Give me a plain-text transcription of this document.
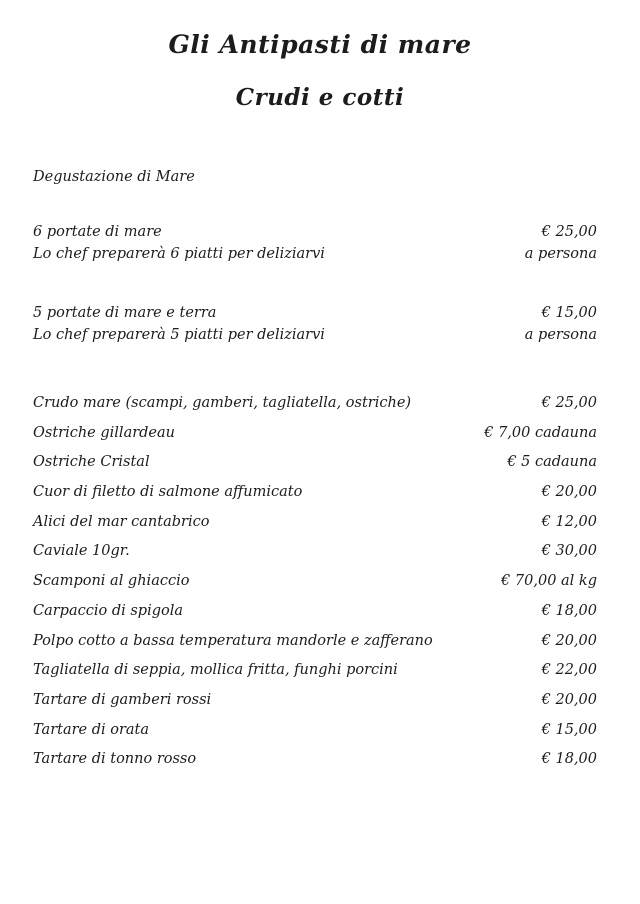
Gli Antipasti di mare
Crudi e cotti
Degustazione di Mare
6 portate di mare	€ 25,00
Lo chef preparerà 6 piatti per deliziarvi	a persona
5 portate di mare e terra	€ 15,00
Lo chef preparerà 5 piatti per deliziarvi	a persona
Crudo mare (scampi, gamberi, tagliatella, ostriche)	€ 25,00
Ostriche gillardeau	€ 7,00 cadauna
Ostriche Cristal	€ 5 cadauna
Cuor di filetto di salmone affumicato	€ 20,00
Alici del mar cantabrico	€ 12,00
Caviale 10gr.	€ 30,00
Scamponi al ghiaccio	€ 70,00 al kg
Carpaccio di spigola	€ 18,00
Polpo cotto a bassa temperatura mandorle e zafferano	€ 20,00
Tagliatella di seppia, mollica fritta, funghi porcini	€ 22,00
Tartare di gamberi rossi	€ 20,00
Tartare di orata	€ 15,00
Tartare di tonno rosso	€ 18,00
